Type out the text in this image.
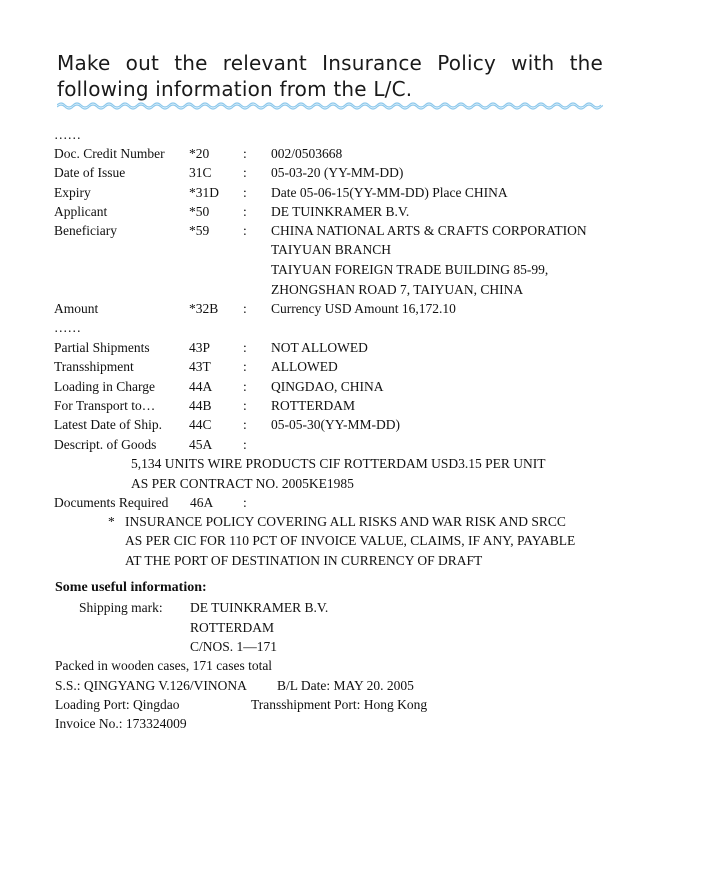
Make out the relevant Insurance Policy with the following information from the L/C.
……
Doc. Credit Number *20	: 002/0503668
Date of Issue	31C : 05-03-20 (YY-MM-DD)
Expiry	*31D : Date 05-06-15(YY-MM-DD) Place CHINA
Applicant	*50	: DE TUINKRAMER B.V.
Beneficiary	*59	: CHINA NATIONAL ARTS & CRAFTS CORPORATION
TAIYUAN BRANCH
TAIYUAN FOREIGN TRADE BUILDING 85-99,
ZHONGSHAN ROAD 7, TAIYUAN, CHINA
Amount	*32B : Currency USD Amount 16,172.10
……
Partial Shipments	43P : NOT ALLOWED
Transshipment	43T : ALLOWED
Loading in Charge	44A : QINGDAO, CHINA
For Transport to… 44B : ROTTERDAM
Latest Date of Ship. 44C : 05-05-30(YY-MM-DD)
Descript. of Goods 45A :
5,134 UNITS WIRE PRODUCTS CIF ROTTERDAM USD3.15 PER UNIT
AS PER CONTRACT NO. 2005KE1985
Documents Required 46A :
* INSURANCE POLICY COVERING ALL RISKS AND WAR RISK AND SRCC
AS PER CIC FOR 110 PCT OF INVOICE VALUE, CLAIMS, IF ANY, PAYABLE
AT THE PORT OF DESTINATION IN CURRENCY OF DRAFT
Some useful information:
Shipping mark: DE TUINKRAMER B.V.
ROTTERDAM
C/NOS. 1—171
Packed in wooden cases, 171 cases total
S.S.: QINGYANG V.126/VINONA B/L Date: MAY 20. 2005
Loading Port: Qingdao	Transshipment Port: Hong Kong
Invoice No.: 173324009
